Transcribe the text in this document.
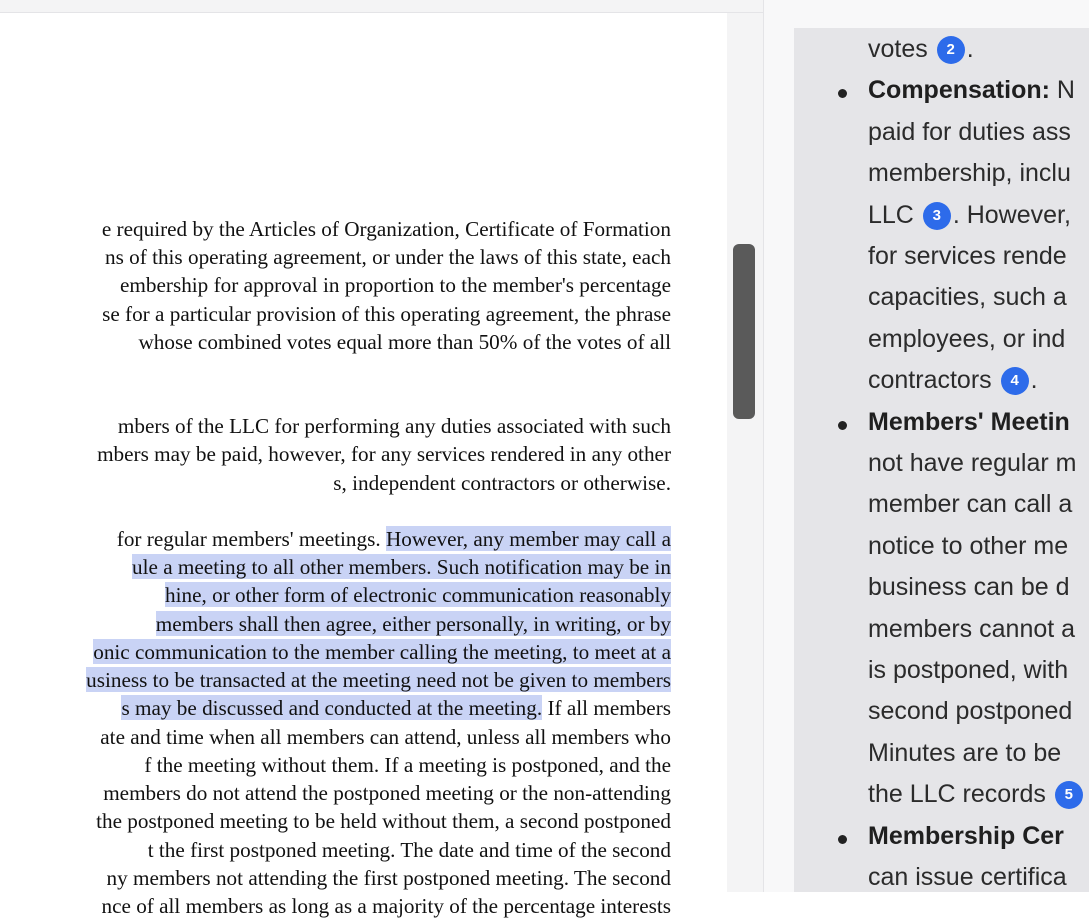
e required by the Articles of Organization, Certificate of Formation
ns of this operating agreement, or under the laws of this state, each
embership for approval in proportion to the member's percentage
se for a particular provision of this operating agreement, the phrase
whose combined votes equal more than 50% of the votes of all
mbers of the LLC for performing any duties associated with such
mbers may be paid, however, for any services rendered in any other
s, independent contractors or otherwise.
for regular members' meetings. However, any member may call a
ule a meeting to all other members. Such notification may be in
hine, or other form of electronic communication reasonably
members shall then agree, either personally, in writing, or by
onic communication to the member calling the meeting, to meet at a
usiness to be transacted at the meeting need not be given to members
s may be discussed and conducted at the meeting. If all members
ate and time when all members can attend, unless all members who
f the meeting without them. If a meeting is postponed, and the
members do not attend the postponed meeting or the non-attending
the postponed meeting to be held without them, a second postponed
t the first postponed meeting. The date and time of the second
ny members not attending the first postponed meeting. The second
nce of all members as long as a majority of the percentage interests
votes 2 .
Compensation: N
paid for duties ass
membership, inclu
LLC 3 . However,
for services rende
capacities, such a
employees, or ind
contractors 4 .
Members' Meetin
not have regular m
member can call a
notice to other me
business can be d
members cannot a
is postponed, with
second postponed
Minutes are to be
the LLC records 5
Membership Cer
can issue certifica
